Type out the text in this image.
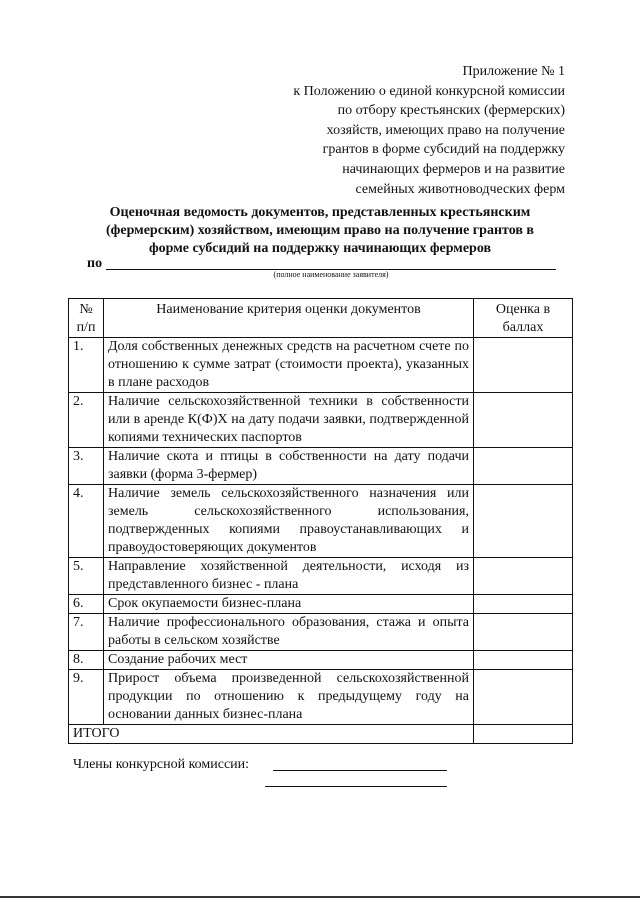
Приложение № 1
к Положению о единой конкурсной комиссии
по отбору крестьянских (фермерских)
хозяйств, имеющих право на получение
грантов в форме субсидий на поддержку
начинающих фермеров и на развитие
семейных животноводческих ферм
Оценочная ведомость документов, представленных крестьянским
(фермерским) хозяйством, имеющим право на получение грантов в
форме субсидий на поддержку начинающих фермеров
по
(полное наименование заявителя)
№ п/п	Наименование критерия оценки документов	Оценка в баллах
1.	Доля собственных денежных средств на расчетном счете по отношению к сумме затрат (стоимости проекта), указанных в плане расходов	
2.	Наличие сельскохозяйственной техники в собственности или в аренде К(Ф)Х на дату подачи заявки, подтвержденной копиями технических паспортов	
3.	Наличие скота и птицы в собственности на дату подачи заявки (форма 3-фермер)	
4.	Наличие земель сельскохозяйственного назначения или земель сельскохозяйственного использования, подтвержденных копиями правоустанавливающих и правоудостоверяющих документов	
5.	Направление хозяйственной деятельности, исходя из представленного бизнес - плана	
6.	Срок окупаемости бизнес-плана	
7.	Наличие профессионального образования, стажа и опыта работы в сельском хозяйстве	
8.	Создание рабочих мест	
9.	Прирост объема произведенной сельскохозяйственной продукции по отношению к предыдущему году на основании данных бизнес-плана	
ИТОГО		
Члены конкурсной комиссии:
